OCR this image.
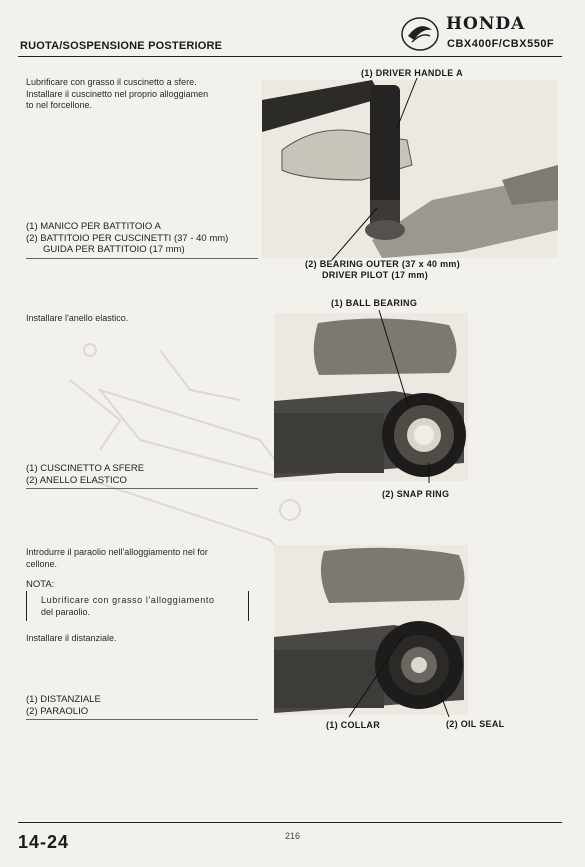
RUOTA/SOSPENSIONE POSTERIORE
HONDA
CBX400F/CBX550F
Lubrificare con grasso il cuscinetto a sfere.
Installare il cuscinetto nel proprio alloggiamen
to nel forcellone.
(1) MANICO PER BATTITOIO A
(2) BATTITOIO PER CUSCINETTI (37 - 40 mm)
GUIDA PER BATTITOIO (17 mm)
(1) DRIVER HANDLE A
(2) BEARING OUTER (37 x 40 mm)
DRIVER PILOT (17 mm)
(1) BALL BEARING
Installare l'anello elastico.
(1) CUSCINETTO A SFERE
(2) ANELLO ELASTICO
(2) SNAP RING
Introdurre il paraolio nell'alloggiamento nel for
cellone.
NOTA:
Lubrificare con grasso l'alloggiamento
del paraolio.
Installare il distanziale.
(1) DISTANZIALE
(2) PARAOLIO
(1) COLLAR	(2) OIL SEAL
14-24	216
